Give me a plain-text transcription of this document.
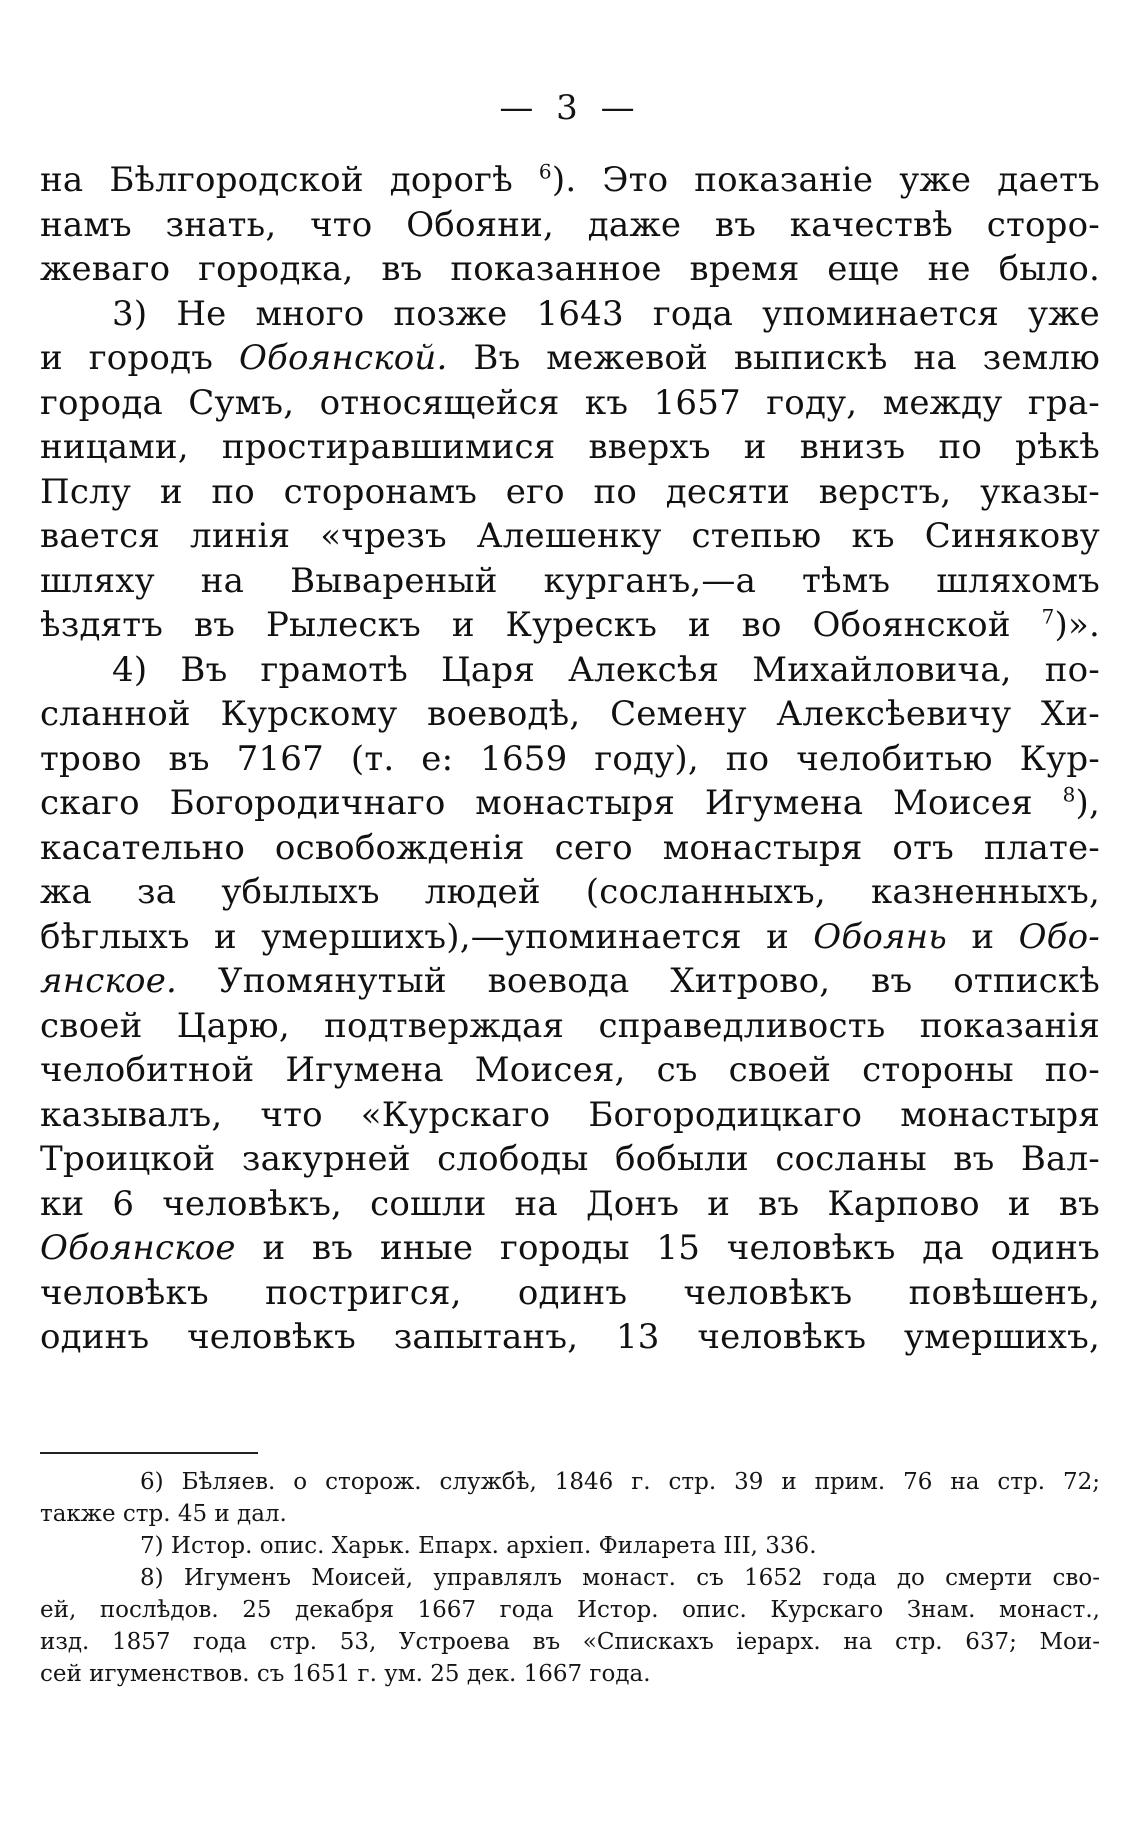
— 3 —
на Бѣлгородской дорогѣ $^6$). Это показаніе уже даетъ
намъ знать, что Обояни, даже въ качествѣ сторо-
жеваго городка, въ показанное время еще не было.
3) Не много позже 1643 года упоминается уже
и городъ Обоянской. Въ межевой выпискѣ на землю
города Сумъ, относящейся къ 1657 году, между гра-
ницами, простиравшимися вверхъ и внизъ по рѣкѣ
Пслу и по сторонамъ его по десяти верстъ, указы-
вается линія «чрезъ Алешенку степью къ Синякову
шляху на Вывареный курганъ,—а тѣмъ шляхомъ
ѣздятъ въ Рылескъ и Курескъ и во Обоянской $^7$)».
4) Въ грамотѣ Царя Алексѣя Михайловича, по-
сланной Курскому воеводѣ, Семену Алексѣевичу Хи-
трово въ 7167 (т. е: 1659 году), по челобитью Кур-
скаго Богородичнаго монастыря Игумена Моисея $^8$),
касательно освобожденія сего монастыря отъ плате-
жа за убылыхъ людей (сосланныхъ, казненныхъ,
бѣглыхъ и умершихъ),—упоминается и Обоянь и Обо-
янское. Упомянутый воевода Хитрово, въ отпискѣ
своей Царю, подтверждая справедливость показанія
челобитной Игумена Моисея, съ своей стороны по-
казывалъ, что «Курскаго Богородицкаго монастыря
Троицкой закурней слободы бобыли сосланы въ Вал-
ки 6 человѣкъ, сошли на Донъ и въ Карпово и въ
Обоянское и въ иные городы 15 человѣкъ да одинъ
человѣкъ постригся, одинъ человѣкъ повѣшенъ,
одинъ человѣкъ запытанъ, 13 человѣкъ умершихъ,
6) Бѣляев. о сторож. службѣ, 1846 г. стр. 39 и прим. 76 на стр. 72;
также стр. 45 и дал.
7) Истор. опис. Харьк. Епарх. архіеп. Филарета III, 336.
8) Игуменъ Моисей, управлялъ монаст. съ 1652 года до смерти сво-
ей, послѣдов. 25 декабря 1667 года Истор. опис. Курскаго Знам. монаст.,
изд. 1857 года стр. 53, Устроева въ «Спискахъ іерарх. на стр. 637; Мои-
сей игуменствов. съ 1651 г. ум. 25 дек. 1667 года.
